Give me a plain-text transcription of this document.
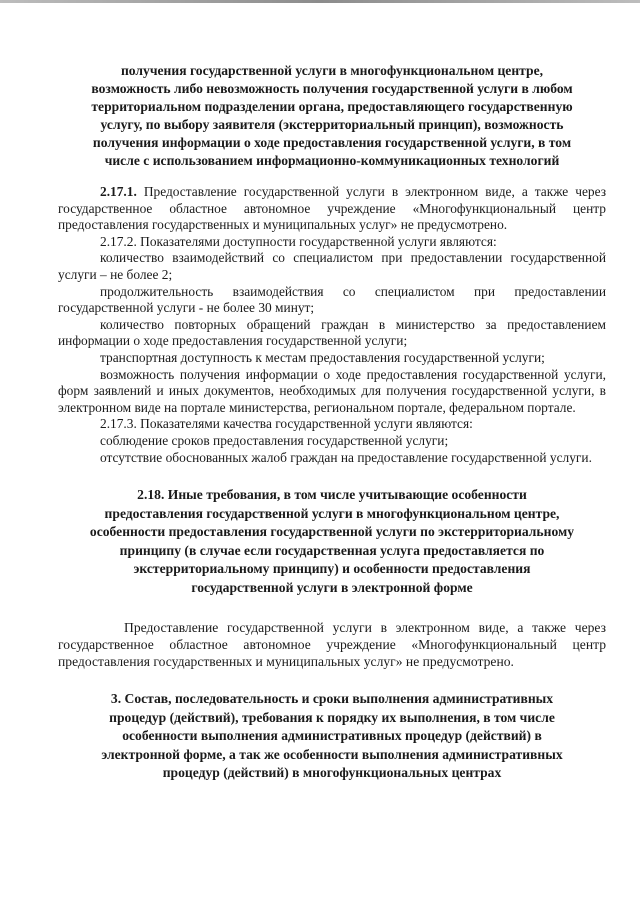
получения государственной услуги в многофункциональном центре,
возможность либо невозможность получения государственной услуги в любом
территориальном подразделении органа, предоставляющего государственную
услугу, по выбору заявителя (экстерриториальный принцип), возможность
получения информации о ходе предоставления государственной услуги, в том
числе с использованием информационно-коммуникационных технологий

2.17.1. Предоставление государственной услуги в электронном виде, а также через государственное областное автономное учреждение «Многофункциональный центр предоставления государственных и муниципальных услуг» не предусмотрено.

2.17.2. Показателями доступности государственной услуги являются:

количество взаимодействий со специалистом при предоставлении государственной услуги – не более 2;

продолжительность взаимодействия со специалистом при предоставлении государственной услуги - не более 30 минут;

количество повторных обращений граждан в министерство за предоставлением информации о ходе предоставления государственной услуги;

транспортная доступность к местам предоставления государственной услуги;

возможность получения информации о ходе предоставления государственной услуги, форм заявлений и иных документов, необходимых для получения государственной услуги, в электронном виде на портале министерства, региональном портале, федеральном портале.

2.17.3. Показателями качества государственной услуги являются:

соблюдение сроков предоставления государственной услуги;

отсутствие обоснованных жалоб граждан на предоставление государственной услуги.

2.18. Иные требования, в том числе учитывающие особенности
предоставления государственной услуги в многофункциональном центре,
особенности предоставления государственной услуги по экстерриториальному
принципу (в случае если государственная услуга предоставляется по
экстерриториальному принципу) и особенности предоставления
государственной услуги в электронной форме

Предоставление государственной услуги в электронном виде, а также через государственное областное автономное учреждение «Многофункциональный центр предоставления государственных и муниципальных услуг» не предусмотрено.

3. Состав, последовательность и сроки выполнения административных
процедур (действий), требования к порядку их выполнения, в том числе
особенности выполнения административных процедур (действий) в
электронной форме, а так же особенности выполнения административных
процедур (действий) в многофункциональных центрах
